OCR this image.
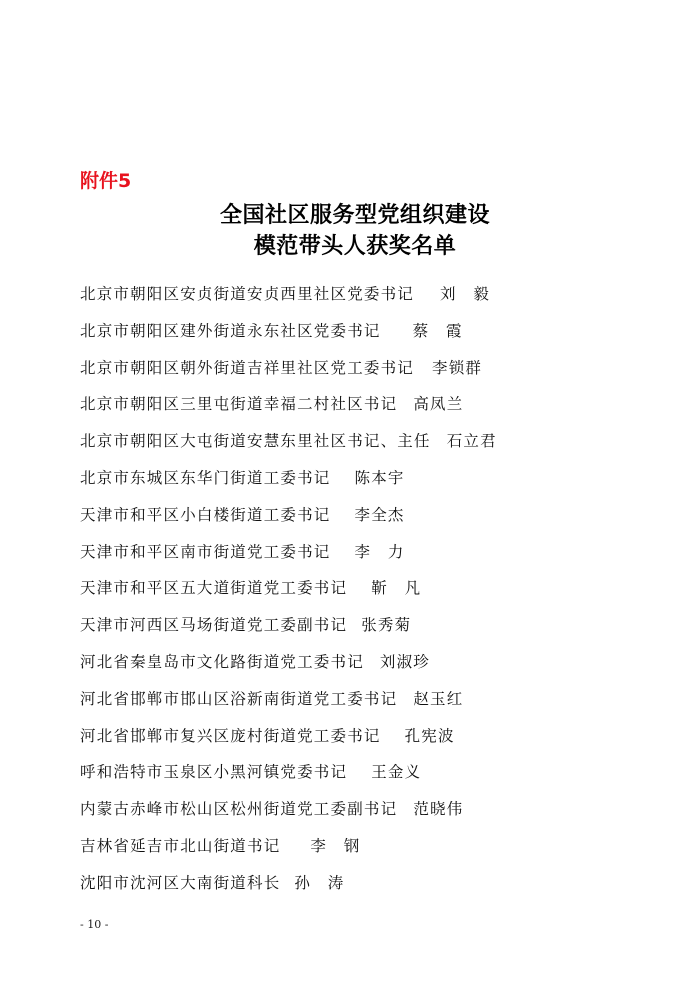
附件5
全国社区服务型党组织建设
模范带头人获奖名单
北京市朝阳区安贞街道安贞西里社区党委书记 刘　毅
北京市朝阳区建外街道永东社区党委书记 蔡　霞
北京市朝阳区朝外街道吉祥里社区党工委书记 李锁群
北京市朝阳区三里屯街道幸福二村社区书记 高凤兰
北京市朝阳区大屯街道安慧东里社区书记、主任 石立君
北京市东城区东华门街道工委书记 陈本宇
天津市和平区小白楼街道工委书记 李全杰
天津市和平区南市街道党工委书记 李　力
天津市和平区五大道街道党工委书记 靳　凡
天津市河西区马场街道党工委副书记 张秀菊
河北省秦皇岛市文化路街道党工委书记 刘淑珍
河北省邯郸市邯山区浴新南街道党工委书记 赵玉红
河北省邯郸市复兴区庞村街道党工委书记 孔宪波
呼和浩特市玉泉区小黑河镇党委书记 王金义
内蒙古赤峰市松山区松州街道党工委副书记 范晓伟
吉林省延吉市北山街道书记 李　钢
沈阳市沈河区大南街道科长 孙　涛
- 10 -
